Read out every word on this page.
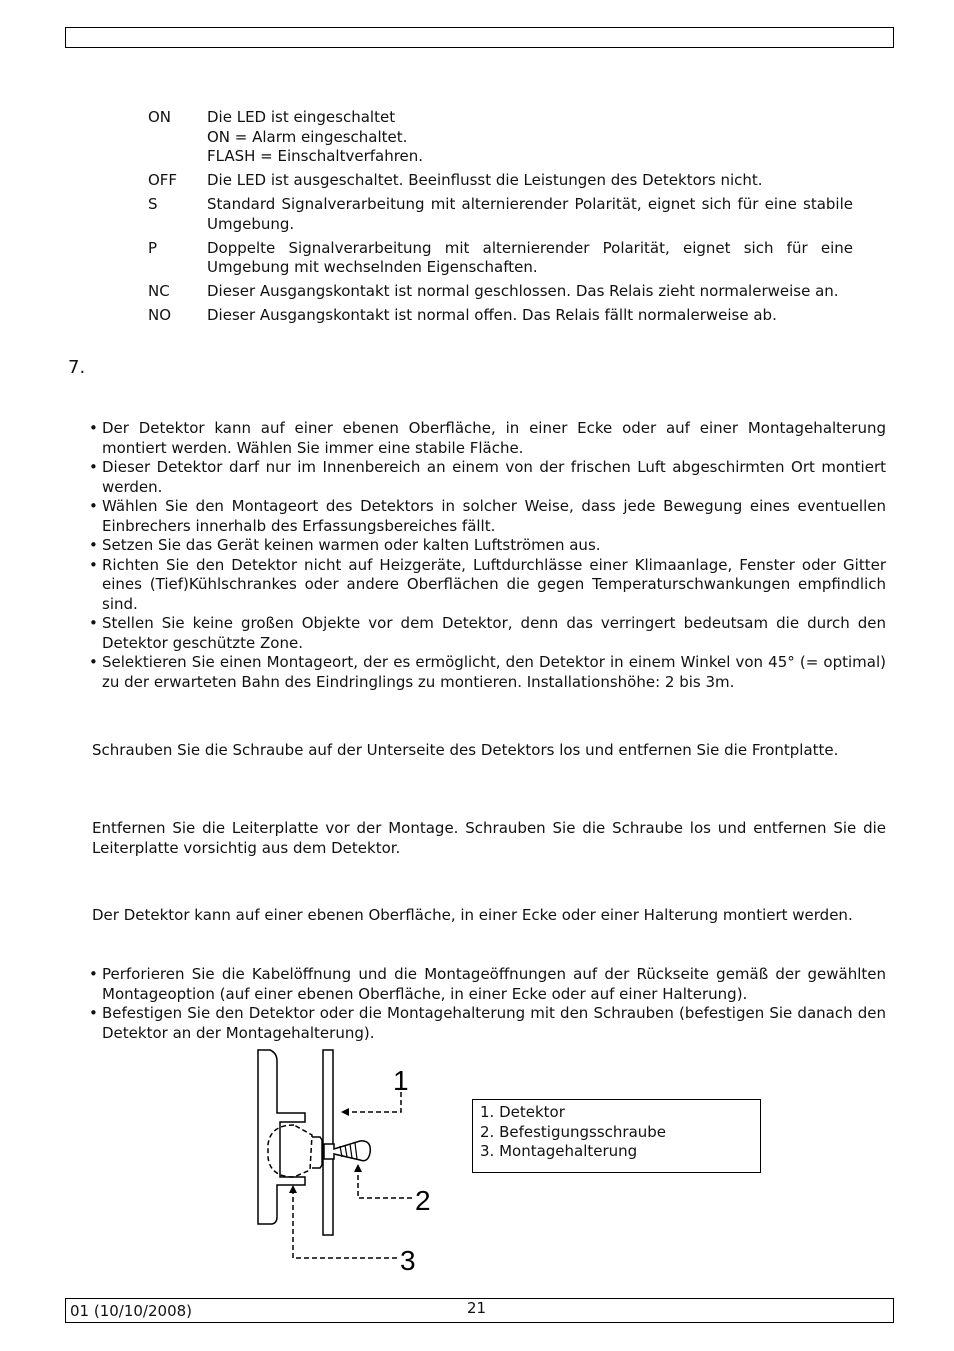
ON	Die LED ist eingeschaltet
ON = Alarm eingeschaltet.
FLASH = Einschaltverfahren.
OFF	Die LED ist ausgeschaltet. Beeinflusst die Leistungen des Detektors nicht.
S	Standard Signalverarbeitung mit alternierender Polarität, eignet sich für eine stabile Umgebung.
P	Doppelte Signalverarbeitung mit alternierender Polarität, eignet sich für eine Umgebung mit wechselnden Eigenschaften.
NC	Dieser Ausgangskontakt ist normal geschlossen. Das Relais zieht normalerweise an.
NO	Dieser Ausgangskontakt ist normal offen. Das Relais fällt normalerweise ab.
7.
• Der Detektor kann auf einer ebenen Oberfläche, in einer Ecke oder auf einer Montagehalterung montiert werden. Wählen Sie immer eine stabile Fläche.
• Dieser Detektor darf nur im Innenbereich an einem von der frischen Luft abgeschirmten Ort montiert werden.
• Wählen Sie den Montageort des Detektors in solcher Weise, dass jede Bewegung eines eventuellen Einbrechers innerhalb des Erfassungsbereiches fällt.
• Setzen Sie das Gerät keinen warmen oder kalten Luftströmen aus.
• Richten Sie den Detektor nicht auf Heizgeräte, Luftdurchlässe einer Klimaanlage, Fenster oder Gitter eines (Tief)Kühlschrankes oder andere Oberflächen die gegen Temperaturschwankungen empfindlich sind.
• Stellen Sie keine großen Objekte vor dem Detektor, denn das verringert bedeutsam die durch den Detektor geschützte Zone.
• Selektieren Sie einen Montageort, der es ermöglicht, den Detektor in einem Winkel von 45° (= optimal) zu der erwarteten Bahn des Eindringlings zu montieren. Installationshöhe: 2 bis 3m.

Schrauben Sie die Schraube auf der Unterseite des Detektors los und entfernen Sie die Frontplatte.

Entfernen Sie die Leiterplatte vor der Montage. Schrauben Sie die Schraube los und entfernen Sie die Leiterplatte vorsichtig aus dem Detektor.

Der Detektor kann auf einer ebenen Oberfläche, in einer Ecke oder einer Halterung montiert werden.

• Perforieren Sie die Kabelöffnung und die Montageöffnungen auf der Rückseite gemäß der gewählten Montageoption (auf einer ebenen Oberfläche, in einer Ecke oder auf einer Halterung).
• Befestigen Sie den Detektor oder die Montagehalterung mit den Schrauben (befestigen Sie danach den Detektor an der Montagehalterung).
1
2
3
1. Detektor
2. Befestigungsschraube
3. Montagehalterung
01 (10/10/2008)	21
